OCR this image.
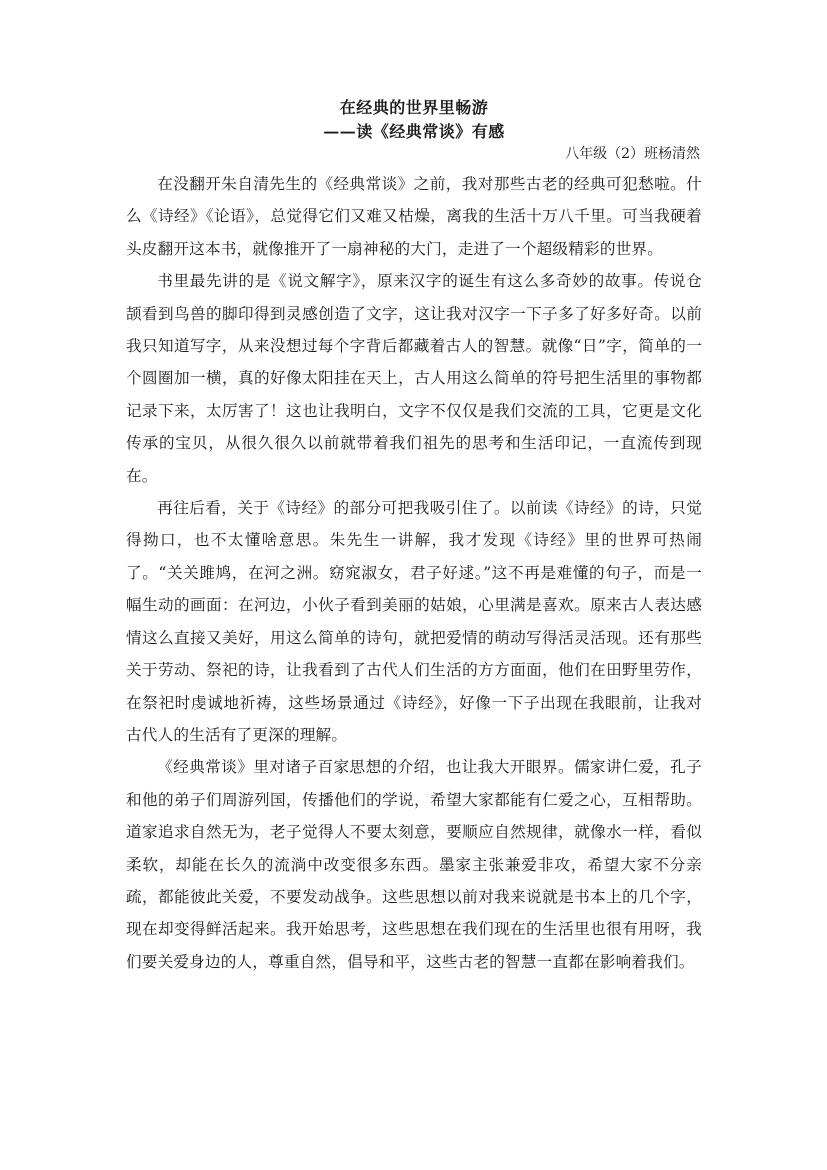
在经典的世界里畅游
——读《经典常谈》有感

八年级（2）班杨清然

在没翻开朱自清先生的《经典常谈》之前，我对那些古老的经典可犯愁啦。什么《诗经》《论语》，总觉得它们又难又枯燥，离我的生活十万八千里。可当我硬着头皮翻开这本书，就像推开了一扇神秘的大门，走进了一个超级精彩的世界。

书里最先讲的是《说文解字》，原来汉字的诞生有这么多奇妙的故事。传说仓颉看到鸟兽的脚印得到灵感创造了文字，这让我对汉字一下子多了好多好奇。以前我只知道写字，从来没想过每个字背后都藏着古人的智慧。就像“日”字，简单的一个圆圈加一横，真的好像太阳挂在天上，古人用这么简单的符号把生活里的事物都记录下来，太厉害了！这也让我明白，文字不仅仅是我们交流的工具，它更是文化传承的宝贝，从很久很久以前就带着我们祖先的思考和生活印记，一直流传到现在。

再往后看，关于《诗经》的部分可把我吸引住了。以前读《诗经》的诗，只觉得拗口，也不太懂啥意思。朱先生一讲解，我才发现《诗经》里的世界可热闹了。“关关雎鸠，在河之洲。窈窕淑女，君子好逑。”这不再是难懂的句子，而是一幅生动的画面：在河边，小伙子看到美丽的姑娘，心里满是喜欢。原来古人表达感情这么直接又美好，用这么简单的诗句，就把爱情的萌动写得活灵活现。还有那些关于劳动、祭祀的诗，让我看到了古代人们生活的方方面面，他们在田野里劳作，在祭祀时虔诚地祈祷，这些场景通过《诗经》，好像一下子出现在我眼前，让我对古代人的生活有了更深的理解。

《经典常谈》里对诸子百家思想的介绍，也让我大开眼界。儒家讲仁爱，孔子和他的弟子们周游列国，传播他们的学说，希望大家都能有仁爱之心，互相帮助。道家追求自然无为，老子觉得人不要太刻意，要顺应自然规律，就像水一样，看似柔软，却能在长久的流淌中改变很多东西。墨家主张兼爱非攻，希望大家不分亲疏，都能彼此关爱，不要发动战争。这些思想以前对我来说就是书本上的几个字，现在却变得鲜活起来。我开始思考，这些思想在我们现在的生活里也很有用呀，我们要关爱身边的人，尊重自然，倡导和平，这些古老的智慧一直都在影响着我们。
